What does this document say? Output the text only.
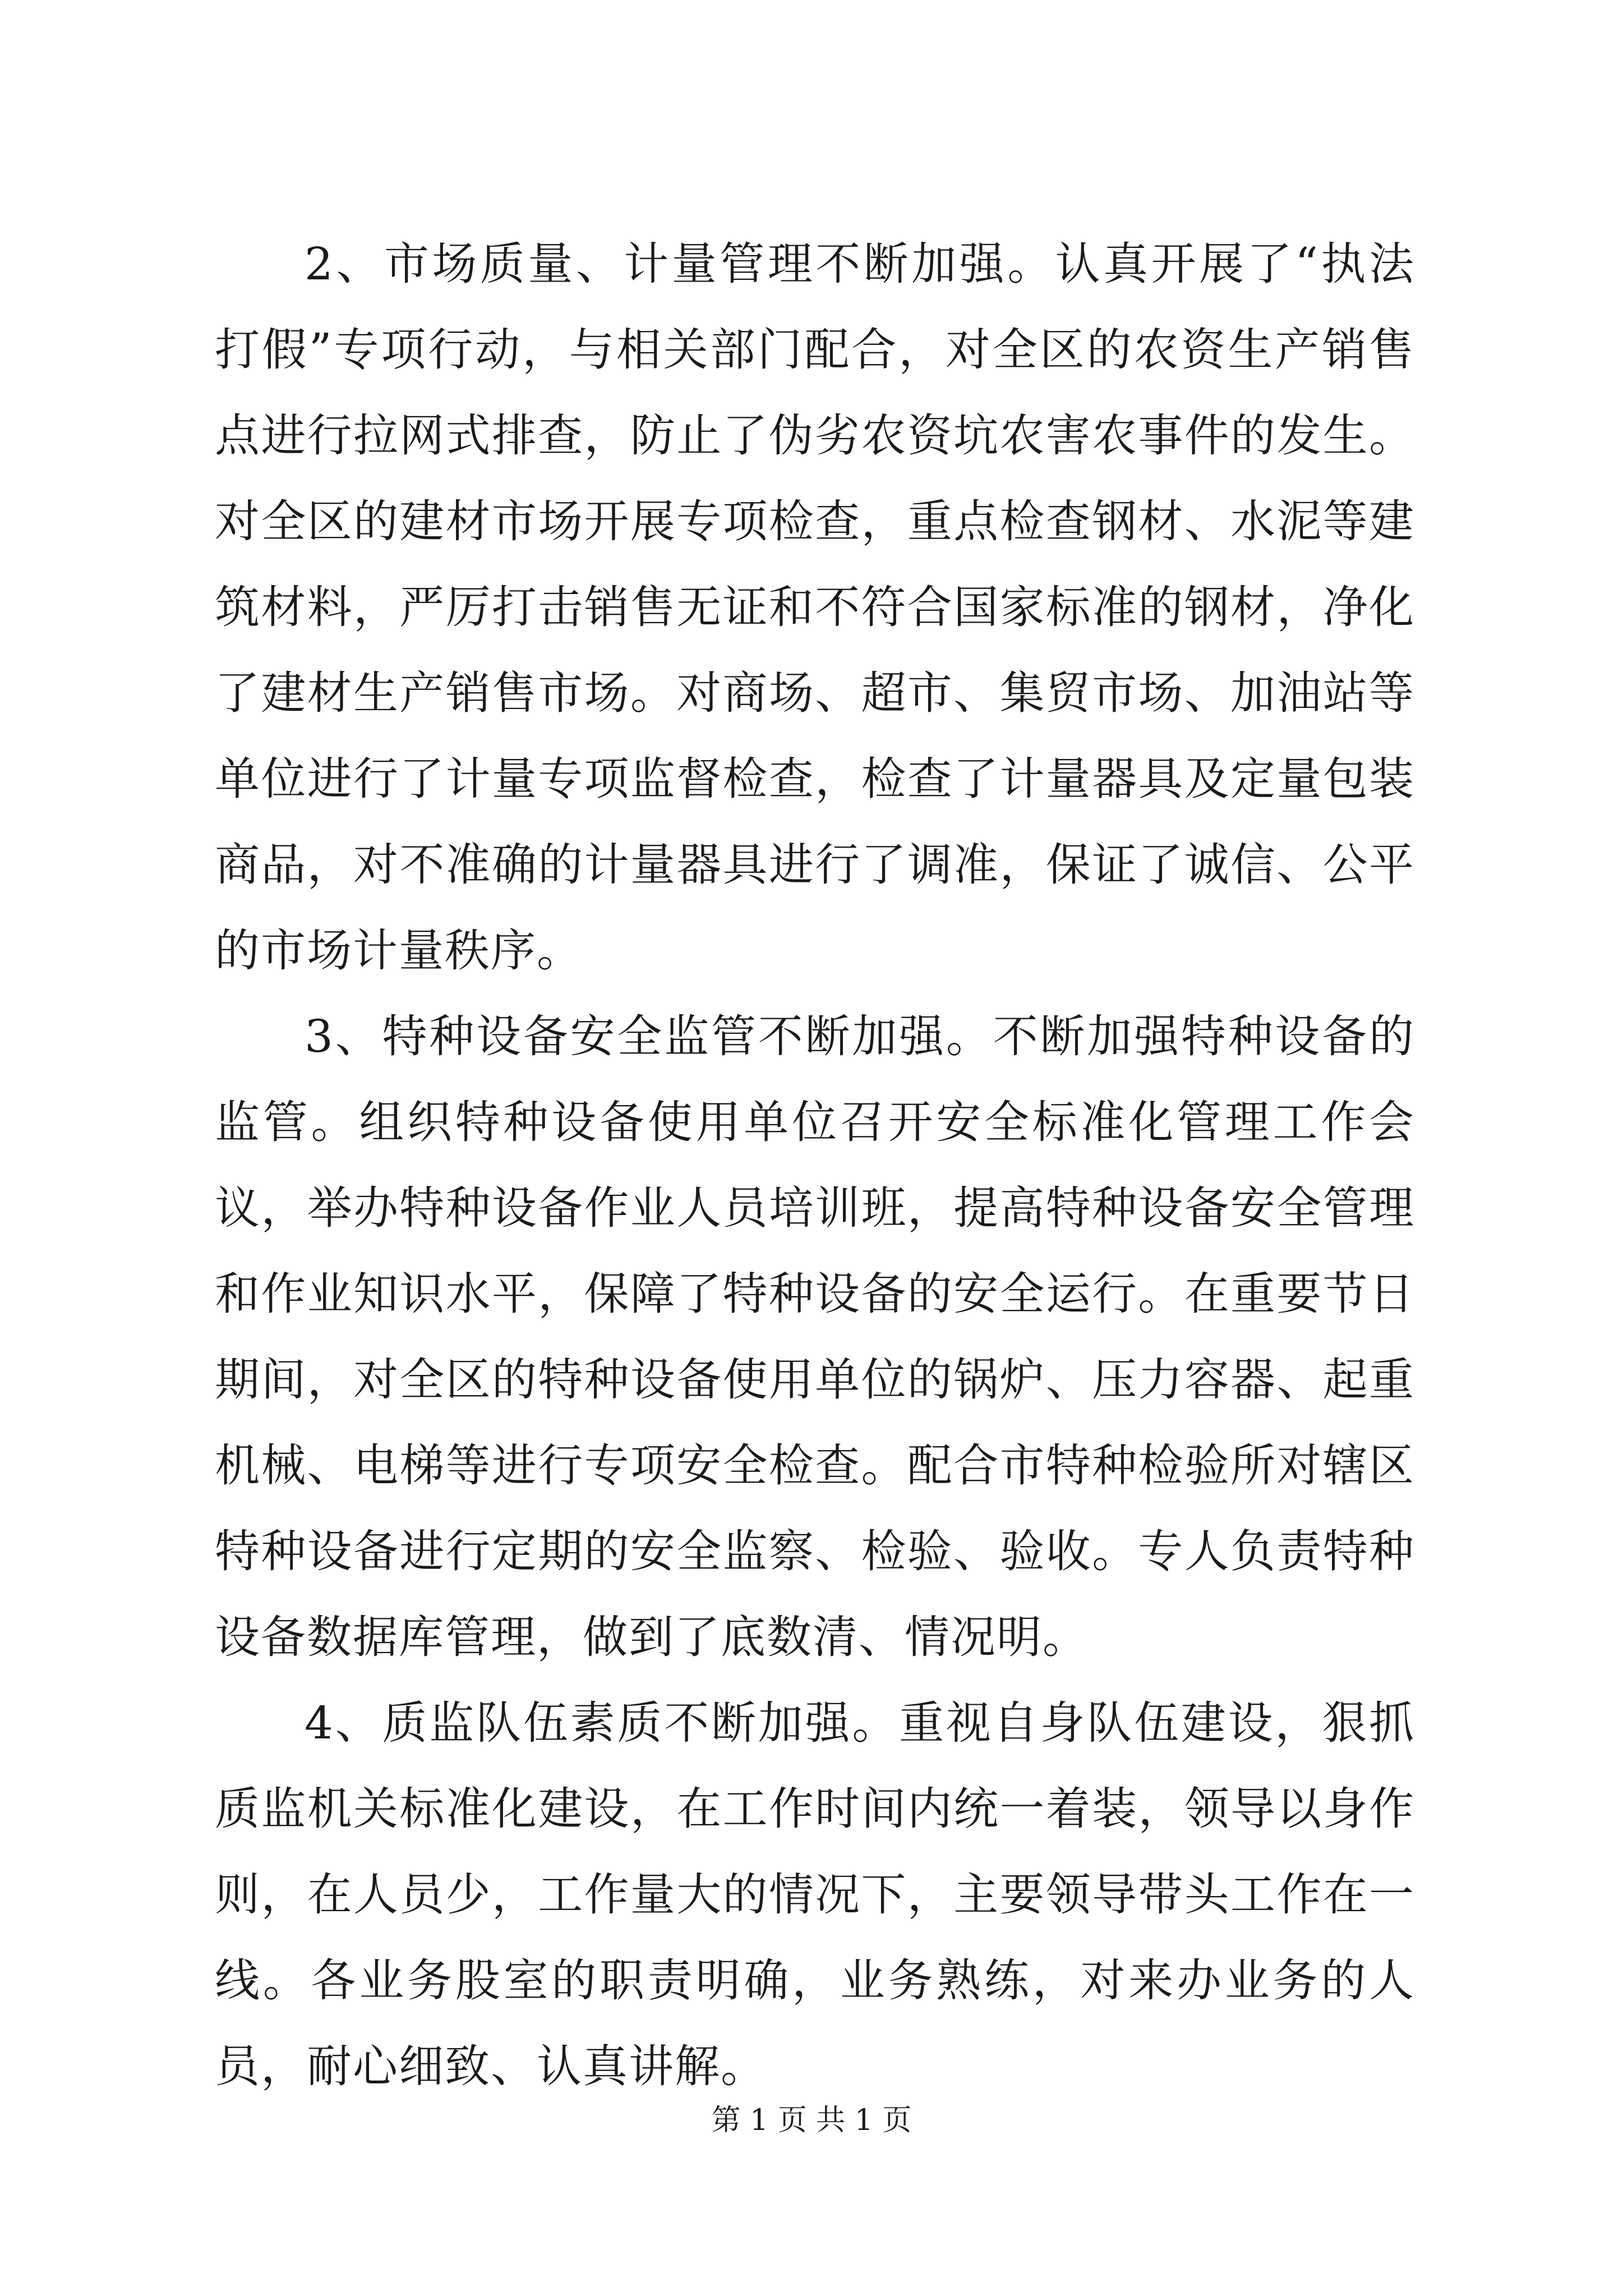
2、市场质量、计量管理不断加强。认真开展了“执法打假”专项行动，与相关部门配合，对全区的农资生产销售点进行拉网式排查，防止了伪劣农资坑农害农事件的发生。对全区的建材市场开展专项检查，重点检查钢材、水泥等建筑材料，严厉打击销售无证和不符合国家标准的钢材，净化了建材生产销售市场。对商场、超市、集贸市场、加油站等单位进行了计量专项监督检查，检查了计量器具及定量包装商品，对不准确的计量器具进行了调准，保证了诚信、公平的市场计量秩序。

3、特种设备安全监管不断加强。不断加强特种设备的监管。组织特种设备使用单位召开安全标准化管理工作会议，举办特种设备作业人员培训班，提高特种设备安全管理和作业知识水平，保障了特种设备的安全运行。在重要节日期间，对全区的特种设备使用单位的锅炉、压力容器、起重机械、电梯等进行专项安全检查。配合市特种检验所对辖区特种设备进行定期的安全监察、检验、验收。专人负责特种设备数据库管理，做到了底数清、情况明。

4、质监队伍素质不断加强。重视自身队伍建设，狠抓质监机关标准化建设，在工作时间内统一着装，领导以身作则，在人员少，工作量大的情况下，主要领导带头工作在一线。各业务股室的职责明确，业务熟练，对来办业务的人员，耐心细致、认真讲解。

第 1 页 共 1 页
